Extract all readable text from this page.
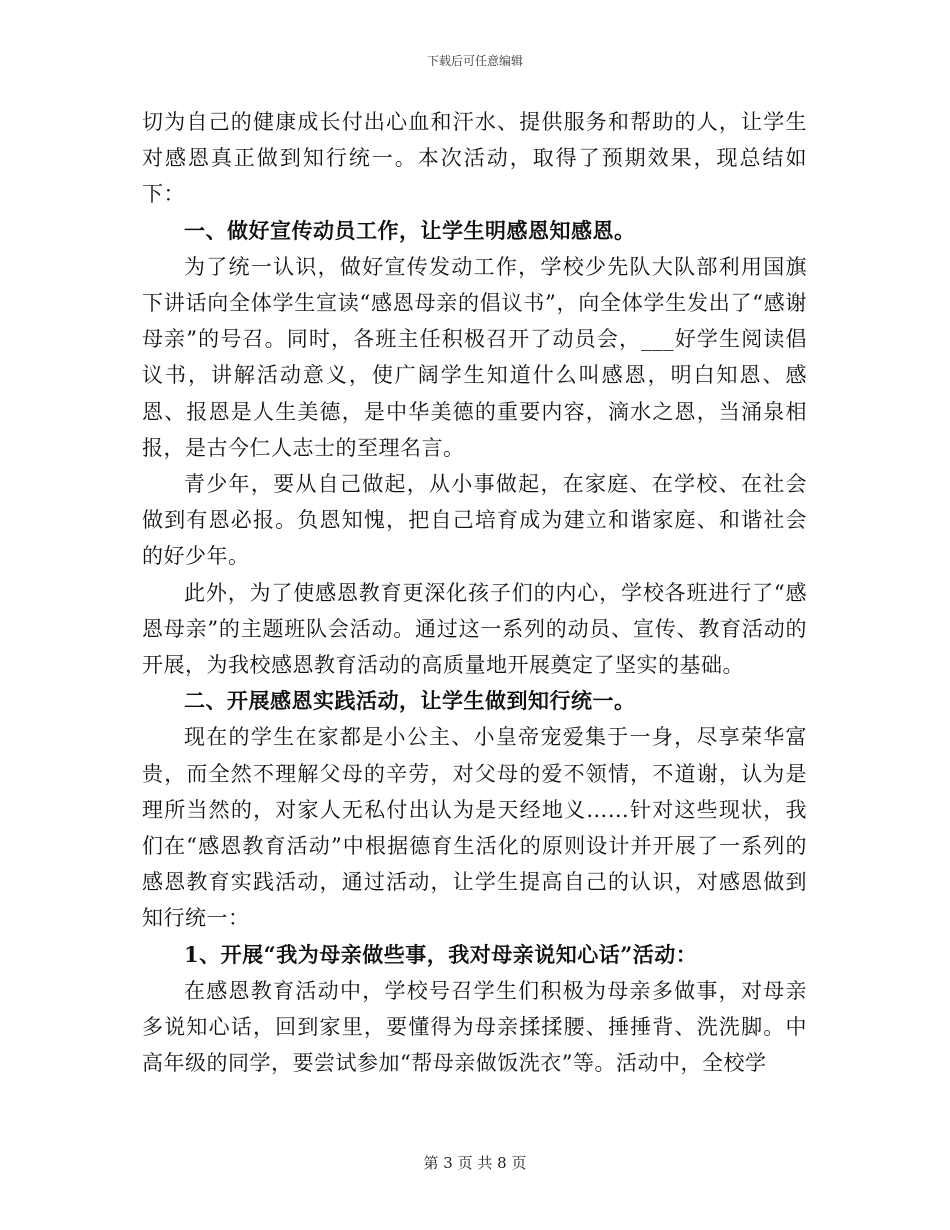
下载后可任意编辑

切为自己的健康成长付出心血和汗水、提供服务和帮助的人，让学生对感恩真正做到知行统一。本次活动，取得了预期效果，现总结如下：

一、做好宣传动员工作，让学生明感恩知感恩。

为了统一认识，做好宣传发动工作，学校少先队大队部利用国旗下讲话向全体学生宣读“感恩母亲的倡议书”，向全体学生发出了“感谢母亲”的号召。同时，各班主任积极召开了动员会，___好学生阅读倡议书，讲解活动意义，使广阔学生知道什么叫感恩，明白知恩、感恩、报恩是人生美德，是中华美德的重要内容，滴水之恩，当涌泉相报，是古今仁人志士的至理名言。

青少年，要从自己做起，从小事做起，在家庭、在学校、在社会做到有恩必报。负恩知愧，把自己培育成为建立和谐家庭、和谐社会的好少年。

此外，为了使感恩教育更深化孩子们的内心，学校各班进行了“感恩母亲”的主题班队会活动。通过这一系列的动员、宣传、教育活动的开展，为我校感恩教育活动的高质量地开展奠定了坚实的基础。

二、开展感恩实践活动，让学生做到知行统一。

现在的学生在家都是小公主、小皇帝宠爱集于一身，尽享荣华富贵，而全然不理解父母的辛劳，对父母的爱不领情，不道谢，认为是理所当然的，对家人无私付出认为是天经地义……针对这些现状，我们在“感恩教育活动”中根据德育生活化的原则设计并开展了一系列的感恩教育实践活动，通过活动，让学生提高自己的认识，对感恩做到知行统一：

1、开展“我为母亲做些事，我对母亲说知心话”活动：

在感恩教育活动中，学校号召学生们积极为母亲多做事，对母亲多说知心话，回到家里，要懂得为母亲揉揉腰、捶捶背、洗洗脚。中高年级的同学，要尝试参加“帮母亲做饭洗衣”等。活动中，全校学

第 3 页 共 8 页
